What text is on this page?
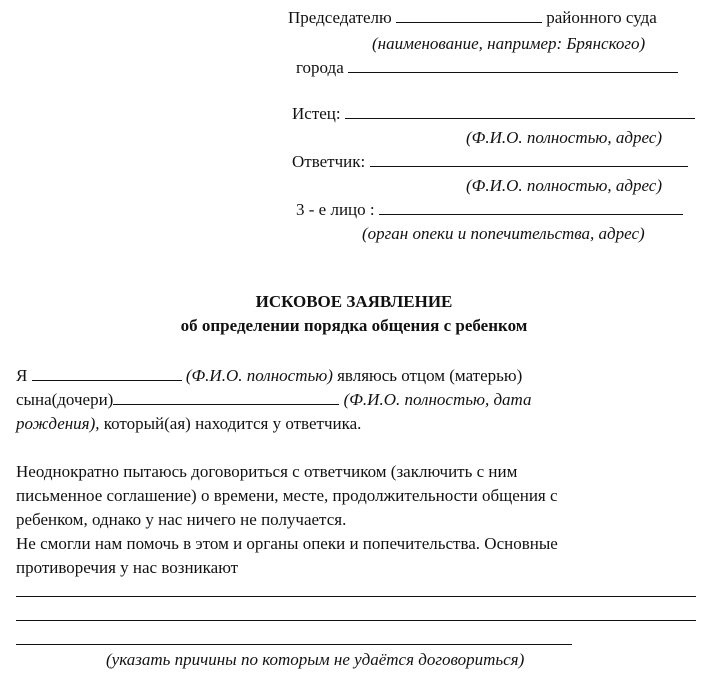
Председателю	районного суда
(наименование, например: Брянского)
города
Истец:
(Ф.И.О. полностью, адрес)
Ответчик:
(Ф.И.О. полностью, адрес)
3 - е лицо :
(орган опеки и попечительства, адрес)
ИСКОВОЕ ЗАЯВЛЕНИЕ
об определении порядка общения с ребенком
Я	(Ф.И.О. полностью) являюсь отцом (матерью)
сына(дочери)	(Ф.И.О. полностью, дата
рождения), который(ая) находится у ответчика.
Неоднократно пытаюсь договориться с ответчиком (заключить с ним
письменное соглашение) о времени, месте, продолжительности общения с
ребенком, однако у нас ничего не получается.
Не смогли нам помочь в этом и органы опеки и попечительства. Основные
противоречия у нас возникают
(указать причины по которым не удаётся договориться)
